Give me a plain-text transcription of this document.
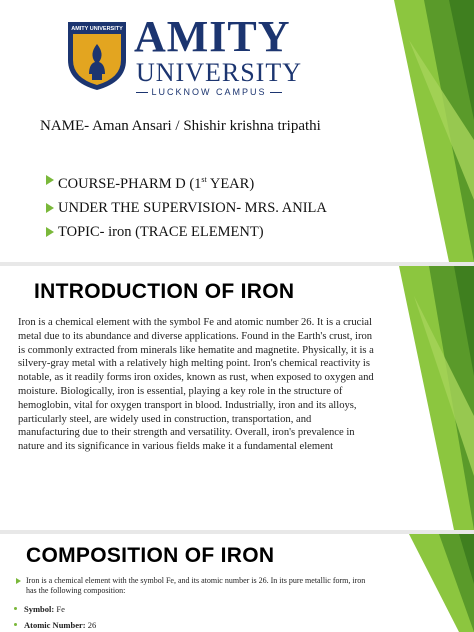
AMITY UNIVERSITY AMITY
UNIVERSITY
LUCKNOW CAMPUS
NAME- Aman Ansari / Shishir krishna tripathi
COURSE-PHARM D (1st YEAR)
UNDER THE SUPERVISION- MRS. ANILA
TOPIC- iron (TRACE ELEMENT)
INTRODUCTION OF IRON
Iron is a chemical element with the symbol Fe and atomic number 26. It is a crucial metal due to its abundance and diverse applications. Found in the Earth's crust, iron is commonly extracted from minerals like hematite and magnetite. Physically, it is a silvery-gray metal with a relatively high melting point. Iron's chemical reactivity is notable, as it readily forms iron oxides, known as rust, when exposed to oxygen and moisture. Biologically, iron is essential, playing a key role in the structure of hemoglobin, vital for oxygen transport in blood. Industrially, iron and its alloys, particularly steel, are widely used in construction, transportation, and manufacturing due to their strength and versatility. Overall, iron's prevalence in nature and its significance in various fields make it a fundamental element
COMPOSITION OF IRON
Iron is a chemical element with the symbol Fe, and its atomic number is 26. In its pure metallic form, iron has the following composition:
Symbol: Fe
Atomic Number: 26
